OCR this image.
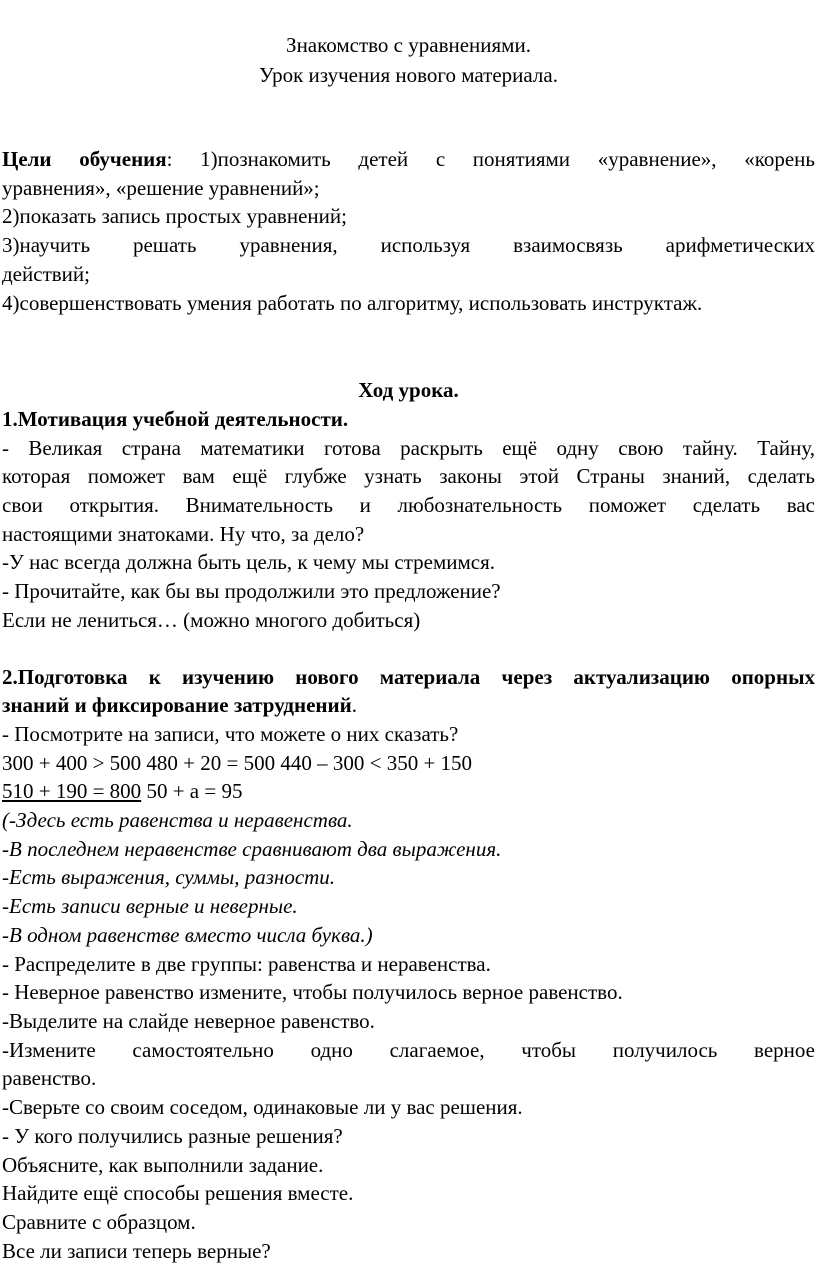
Знакомство с уравнениями.
Урок изучения нового материала.
Цели обучения: 1)познакомить детей с понятиями «уравнение», «корень
уравнения», «решение уравнений»;
2)показать запись простых уравнений;
3)научить решать уравнения, используя взаимосвязь арифметических
действий;
4)совершенствовать умения работать по алгоритму, использовать инструктаж.
Ход урока.
1.Мотивация учебной деятельности.
- Великая страна математики готова раскрыть ещё одну свою тайну. Тайну,
которая поможет вам ещё глубже узнать законы этой Страны знаний, сделать
свои открытия. Внимательность и любознательность поможет сделать вас
настоящими знатоками. Ну что, за дело?
-У нас всегда должна быть цель, к чему мы стремимся.
- Прочитайте, как бы вы продолжили это предложение?
Если не лениться… (можно многого добиться)
2.Подготовка к изучению нового материала через актуализацию опорных
знаний и фиксирование затруднений.
- Посмотрите на записи, что можете о них сказать?
300 + 400 > 500 480 + 20 = 500 440 – 300 < 350 + 150
510 + 190 = 800 50 + а = 95
(-Здесь есть равенства и неравенства.
-В последнем неравенстве сравнивают два выражения.
-Есть выражения, суммы, разности.
-Есть записи верные и неверные.
-В одном равенстве вместо числа буква.)
- Распределите в две группы: равенства и неравенства.
- Неверное равенство измените, чтобы получилось верное равенство.
-Выделите на слайде неверное равенство.
-Измените самостоятельно одно слагаемое, чтобы получилось верное
равенство.
-Сверьте со своим соседом, одинаковые ли у вас решения.
- У кого получились разные решения?
Объясните, как выполнили задание.
Найдите ещё способы решения вместе.
Сравните с образцом.
Все ли записи теперь верные?
